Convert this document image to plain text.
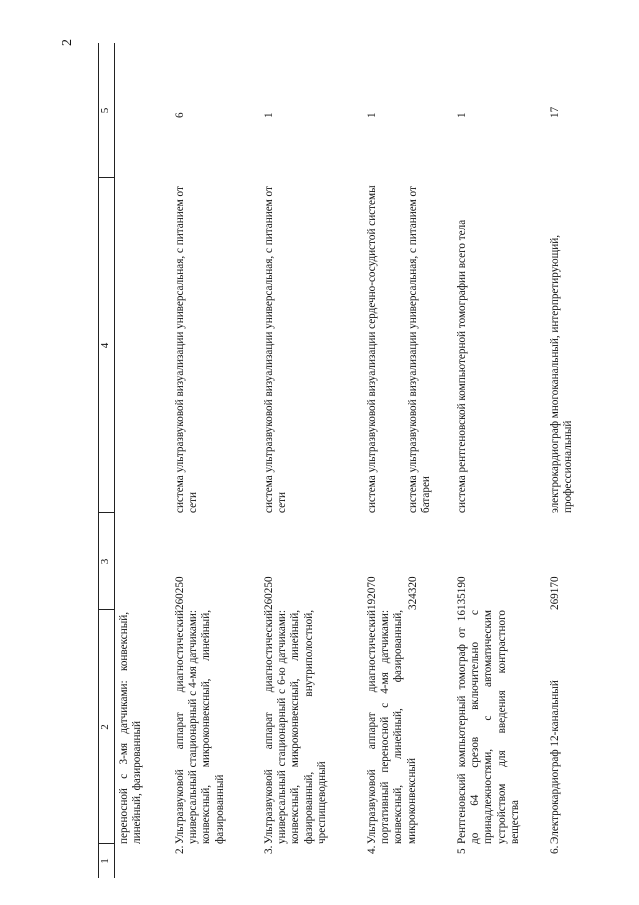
2
1
2
3
4
5
переносной с 3-мя датчиками: конвексный, линейный, фазированный
2.
Ультразвуковой аппарат диагностический универсальный стационарный с 4-мя датчиками: конвексный, микроконвексный, линейный, фазированный
260250
система ультразвуковой визуализации универсальная, с питанием от сети
6
3.
Ультразвуковой аппарат диагностический универсальный стационарный с 6-ю датчиками: конвексный, микроконвексный, линейный, фазированный, внутриполостной, чреспищеводный
260250
система ультразвуковой визуализации универсальная, с питанием от сети
1
4.
Ультразвуковой аппарат диагностический портативный переносной с 4-мя датчиками: конвексный, линейный, фазированный, микроконвексный
192070	324320
система ультразвуковой визуализации сердечно-сосудистой системы	система ультразвуковой визуализации универсальная, с питанием от батареи
1
5
Рентгеновский компьютерный томограф от 16 до 64 срезов включительно с принадлежностями, с автоматическим устройством для введения контрастного вещества
135190
система рентгеновской компьютерной томографии всего тела
1
6.
Электрокардиограф 12-канальный
269170
электрокардиограф многоканальный, интерпретирующий, профессиональный
17
